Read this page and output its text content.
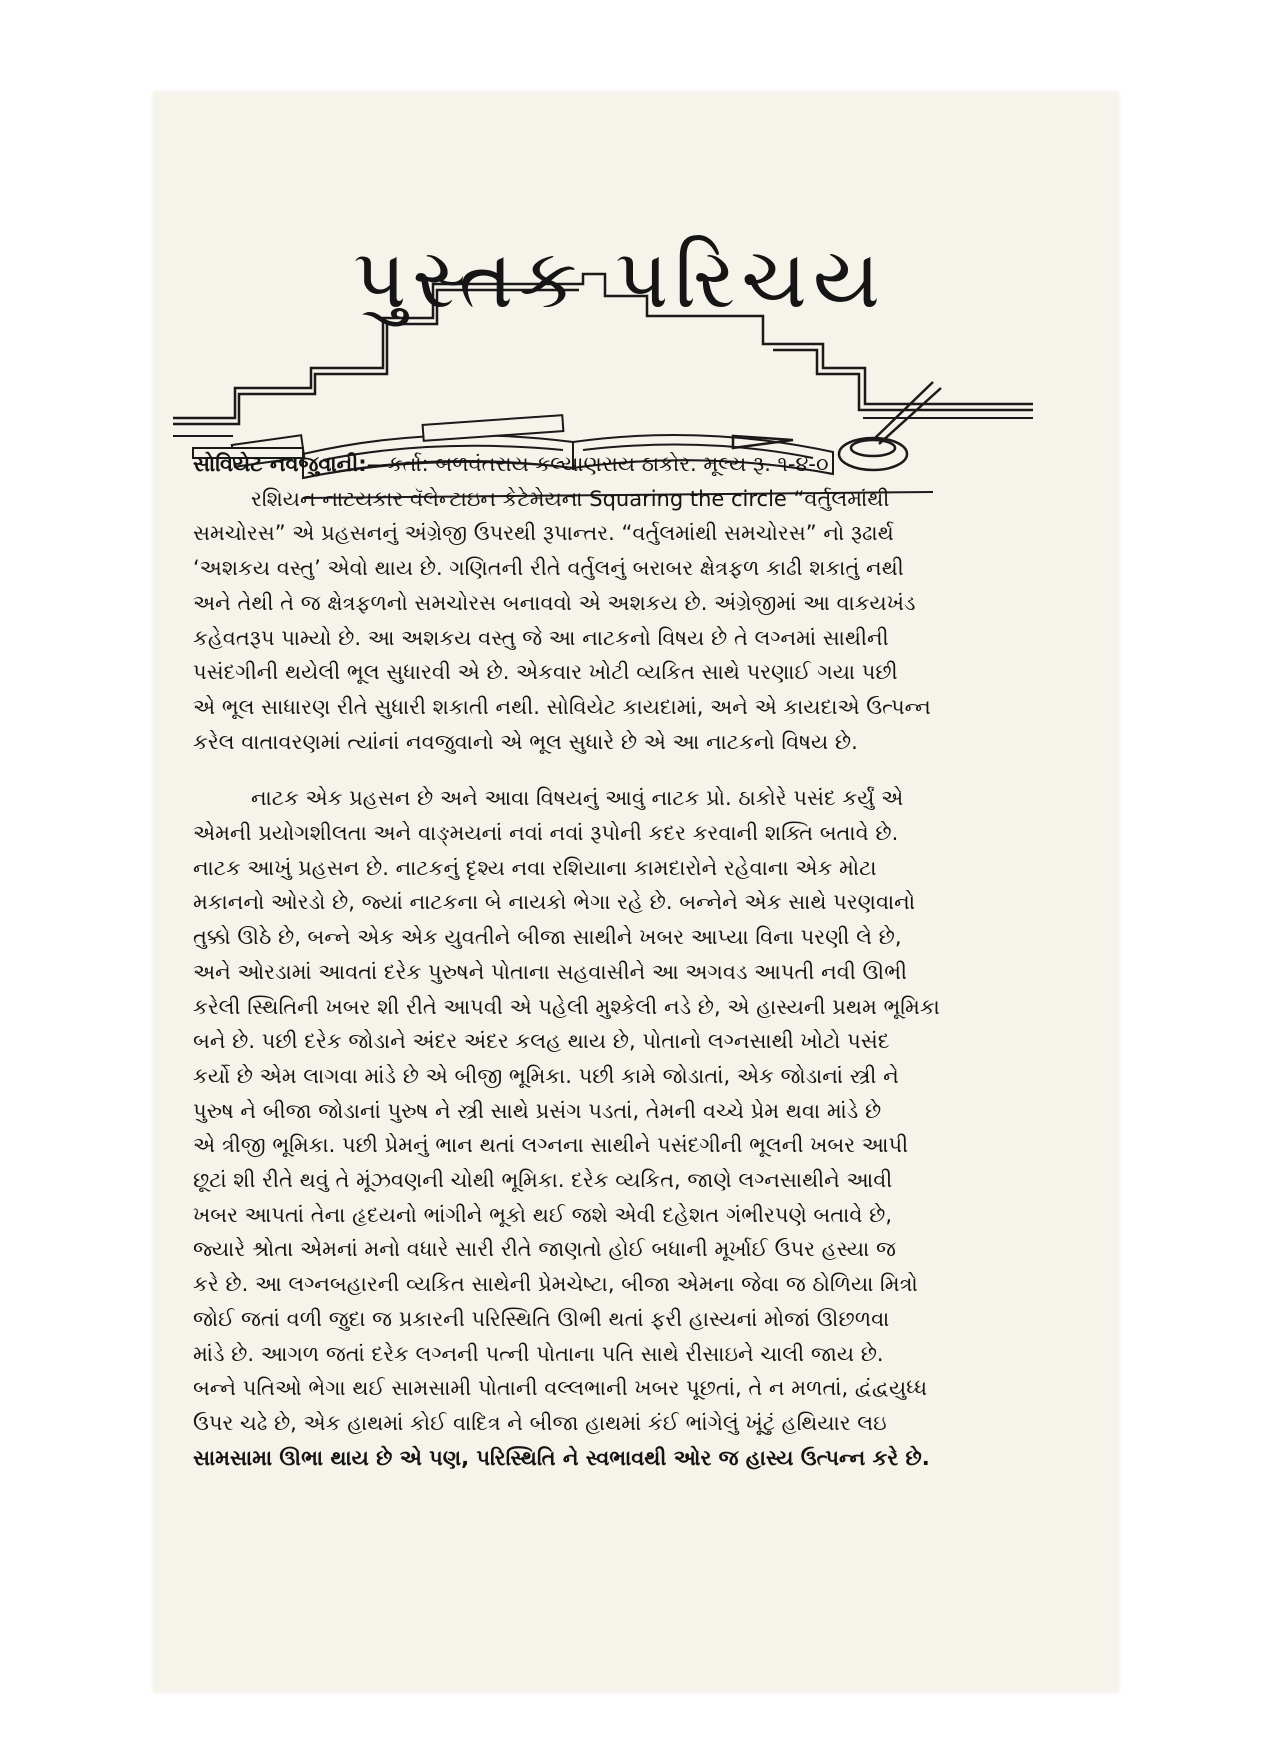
પુસ્તક પરિચય
સોવિયેટ નવજુવાની:—કર્તા: બળવંતરાય કલ્યાણરાય ઠાકોર. મૂલ્ય રૂ. ૧-૪-૦
રશિયન નાટયકાર વૅલેન્ટાઇન કેટેમેયના Squaring the circle “વર્તુલમાંથી
સમચોરસ” એ પ્રહસનનું અંગ્રેજી ઉપરથી રૂપાન્તર. “વર્તુલમાંથી સમચોરસ” નો રૂઢાર્થ
‘અશકય વસ્તુ’ એવો થાય છે. ગણિતની રીતે વર્તુલનું બરાબર ક્ષેત્રફળ કાઢી શકાતું નથી
અને તેથી તે જ ક્ષેત્રફળનો સમચોરસ બનાવવો એ અશકય છે. અંગ્રેજીમાં આ વાકયખંડ
કહેવતરૂપ પામ્યો છે. આ અશકય વસ્તુ જે આ નાટકનો વિષય છે તે લગ્નમાં સાથીની
પસંદગીની થયેલી ભૂલ સુધારવી એ છે. એકવાર ખોટી વ્યકિત સાથે પરણાઈ ગયા પછી
એ ભૂલ સાધારણ રીતે સુધારી શકાતી નથી. સોવિયેટ કાયદામાં, અને એ કાયદાએ ઉત્પન્ન
કરેલ વાતાવરણમાં ત્યાંનાં નવજુવાનો એ ભૂલ સુધારે છે એ આ નાટકનો વિષય છે.
નાટક એક પ્રહસન છે અને આવા વિષયનું આવું નાટક પ્રો. ઠાકોરે પસંદ કર્યું એ
એમની પ્રયોગશીલતા અને વાઙ્મયનાં નવાં નવાં રૂપોની કદર કરવાની શક્તિ બતાવે છે.
નાટક આખું પ્રહસન છે. નાટકનું દૃશ્ય નવા રશિયાના કામદારોને રહેવાના એક મોટા
મકાનનો ઓરડો છે, જ્યાં નાટકના બે નાયકો ભેગા રહે છે. બન્નેને એક સાથે પરણવાનો
તુક્કો ઊઠે છે, બન્ને એક એક યુવતીને બીજા સાથીને ખબર આપ્યા વિના પરણી લે છે,
અને ઓરડામાં આવતાં દરેક પુરુષને પોતાના સહવાસીને આ અગવડ આપતી નવી ઊભી
કરેલી સ્થિતિની ખબર શી રીતે આપવી એ પહેલી મુશ્કેલી નડે છે, એ હાસ્યની પ્રથમ ભૂમિકા
બને છે. પછી દરેક જોડાને અંદર અંદર કલહ થાય છે, પોતાનો લગ્નસાથી ખોટો પસંદ
કર્યો છે એમ લાગવા માંડે છે એ બીજી ભૂમિકા. પછી કામે જોડાતાં, એક જોડાનાં સ્ત્રી ને
પુરુષ ને બીજા જોડાનાં પુરુષ ને સ્ત્રી સાથે પ્રસંગ પડતાં, તેમની વચ્ચે પ્રેમ થવા માંડે છે
એ ત્રીજી ભૂમિકા. પછી પ્રેમનું ભાન થતાં લગ્નના સાથીને પસંદગીની ભૂલની ખબર આપી
છૂટાં શી રીતે થવું તે મૂંઝવણની ચોથી ભૂમિકા. દરેક વ્યકિત, જાણે લગ્નસાથીને આવી
ખબર આપતાં તેના હૃદયનો ભાંગીને ભૂકો થઈ જશે એવી દહેશત ગંભીરપણે બતાવે છે,
જ્યારે શ્રોતા એમનાં મનો વધારે સારી રીતે જાણતો હોઈ બધાની મૂર્ખાઈ ઉપર હસ્યા જ
કરે છે. આ લગ્નબહારની વ્યકિત સાથેની પ્રેમચેષ્ટા, બીજા એમના જેવા જ ઠોળિયા મિત્રો
જોઈ જતાં વળી જુદા જ પ્રકારની પરિસ્થિતિ ઊભી થતાં ફરી હાસ્યનાં મોજાં ઊછળવા
માંડે છે. આગળ જતાં દરેક લગ્નની પત્ની પોતાના પતિ સાથે રીસાઇને ચાલી જાય છે.
બન્ને પતિઓ ભેગા થઈ સામસામી પોતાની વલ્લભાની ખબર પૂછતાં, તે ન મળતાં, દ્વંદ્વયુધ્ધ
ઉપર ચઢે છે, એક હાથમાં કોઈ વાદિત્ર ને બીજા હાથમાં કંઈ ભાંગેલું ખૂંટું હથિયાર લઇ
સામસામા ઊભા થાય છે એ પણ, પરિસ્થિતિ ને સ્વભાવથી ઓર જ હાસ્ય ઉત્પન્ન કરે છે.
